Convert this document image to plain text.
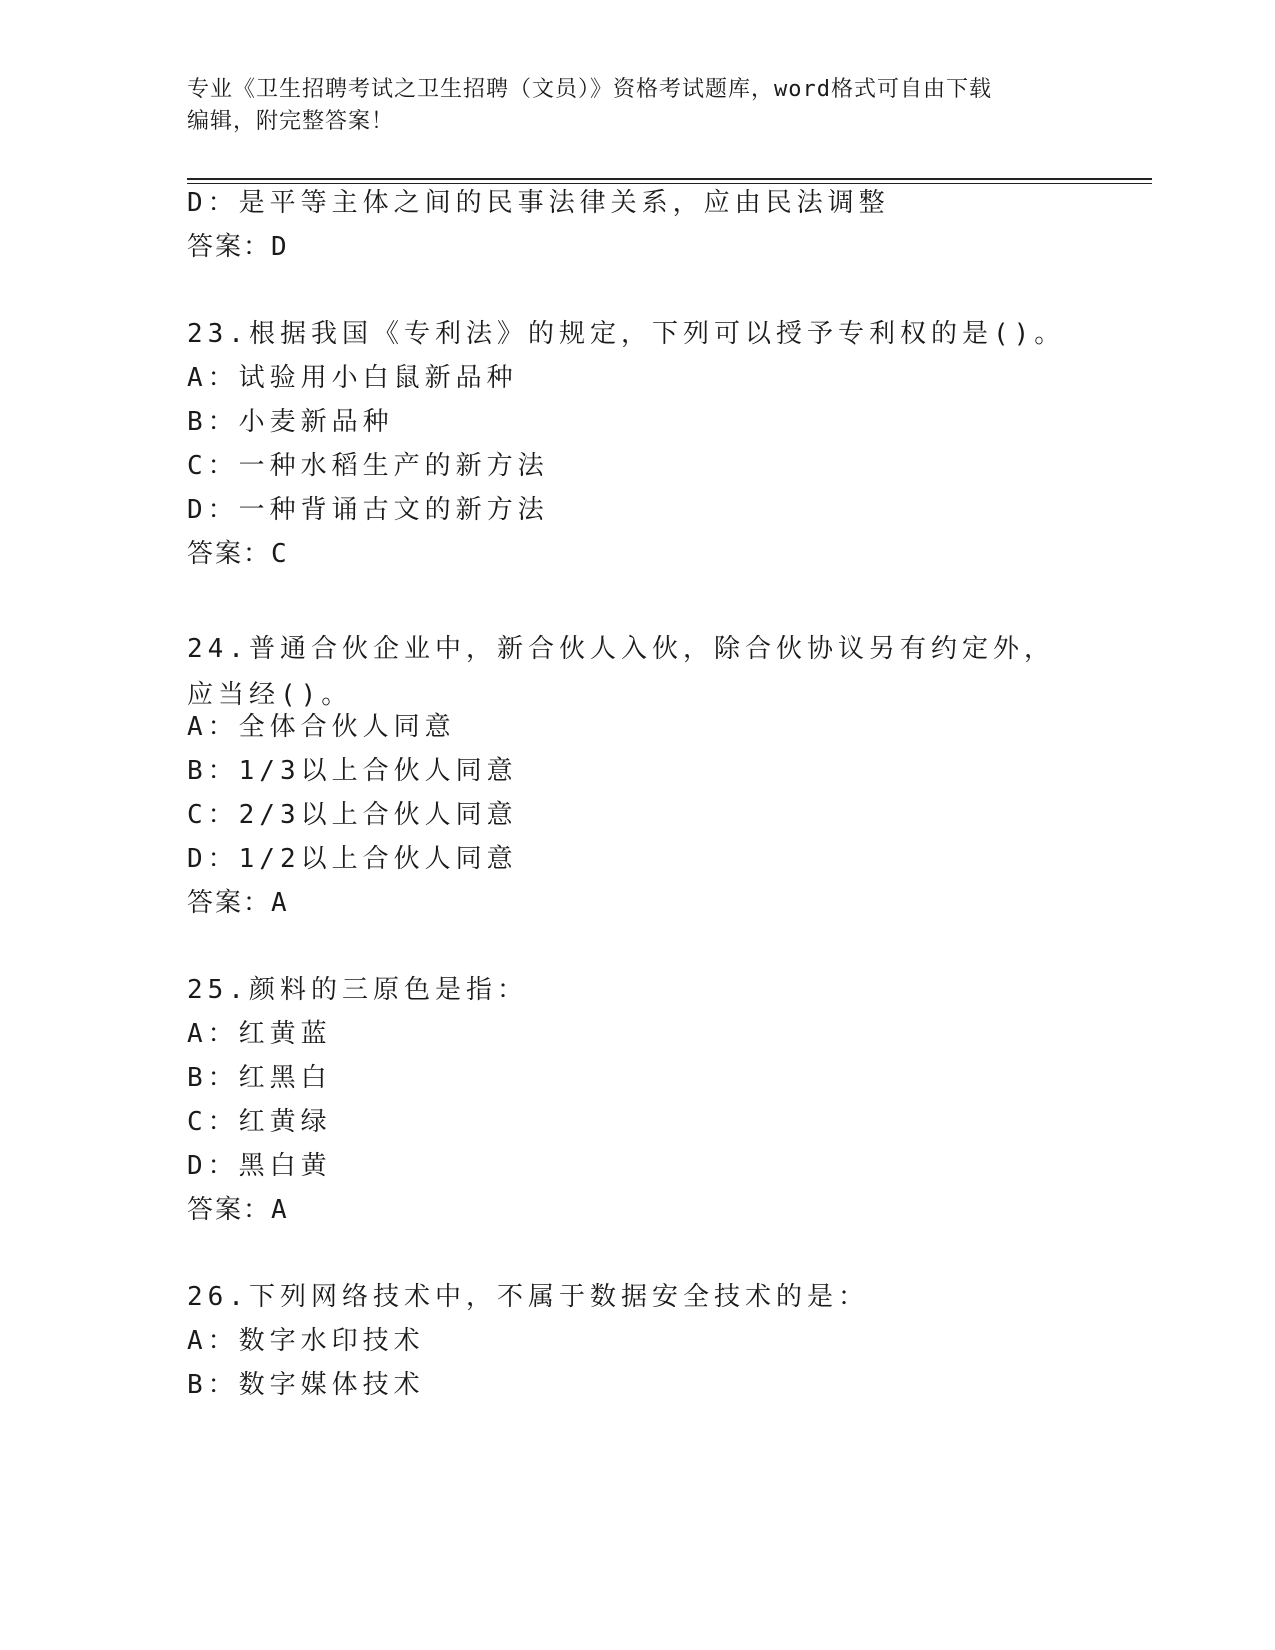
专业《卫生招聘考试之卫生招聘（文员）》资格考试题库，word格式可自由下载
编辑，附完整答案！
D：是平等主体之间的民事法律关系，应由民法调整
答案：D
23.根据我国《专利法》的规定，下列可以授予专利权的是()。
A：试验用小白鼠新品种
B：小麦新品种
C：一种水稻生产的新方法
D：一种背诵古文的新方法
答案：C
24.普通合伙企业中，新合伙人入伙，除合伙协议另有约定外，应当经()。
A：全体合伙人同意
B：1/3以上合伙人同意
C：2/3以上合伙人同意
D：1/2以上合伙人同意
答案：A
25.颜料的三原色是指：
A：红黄蓝
B：红黑白
C：红黄绿
D：黑白黄
答案：A
26.下列网络技术中，不属于数据安全技术的是：
A：数字水印技术
B：数字媒体技术
